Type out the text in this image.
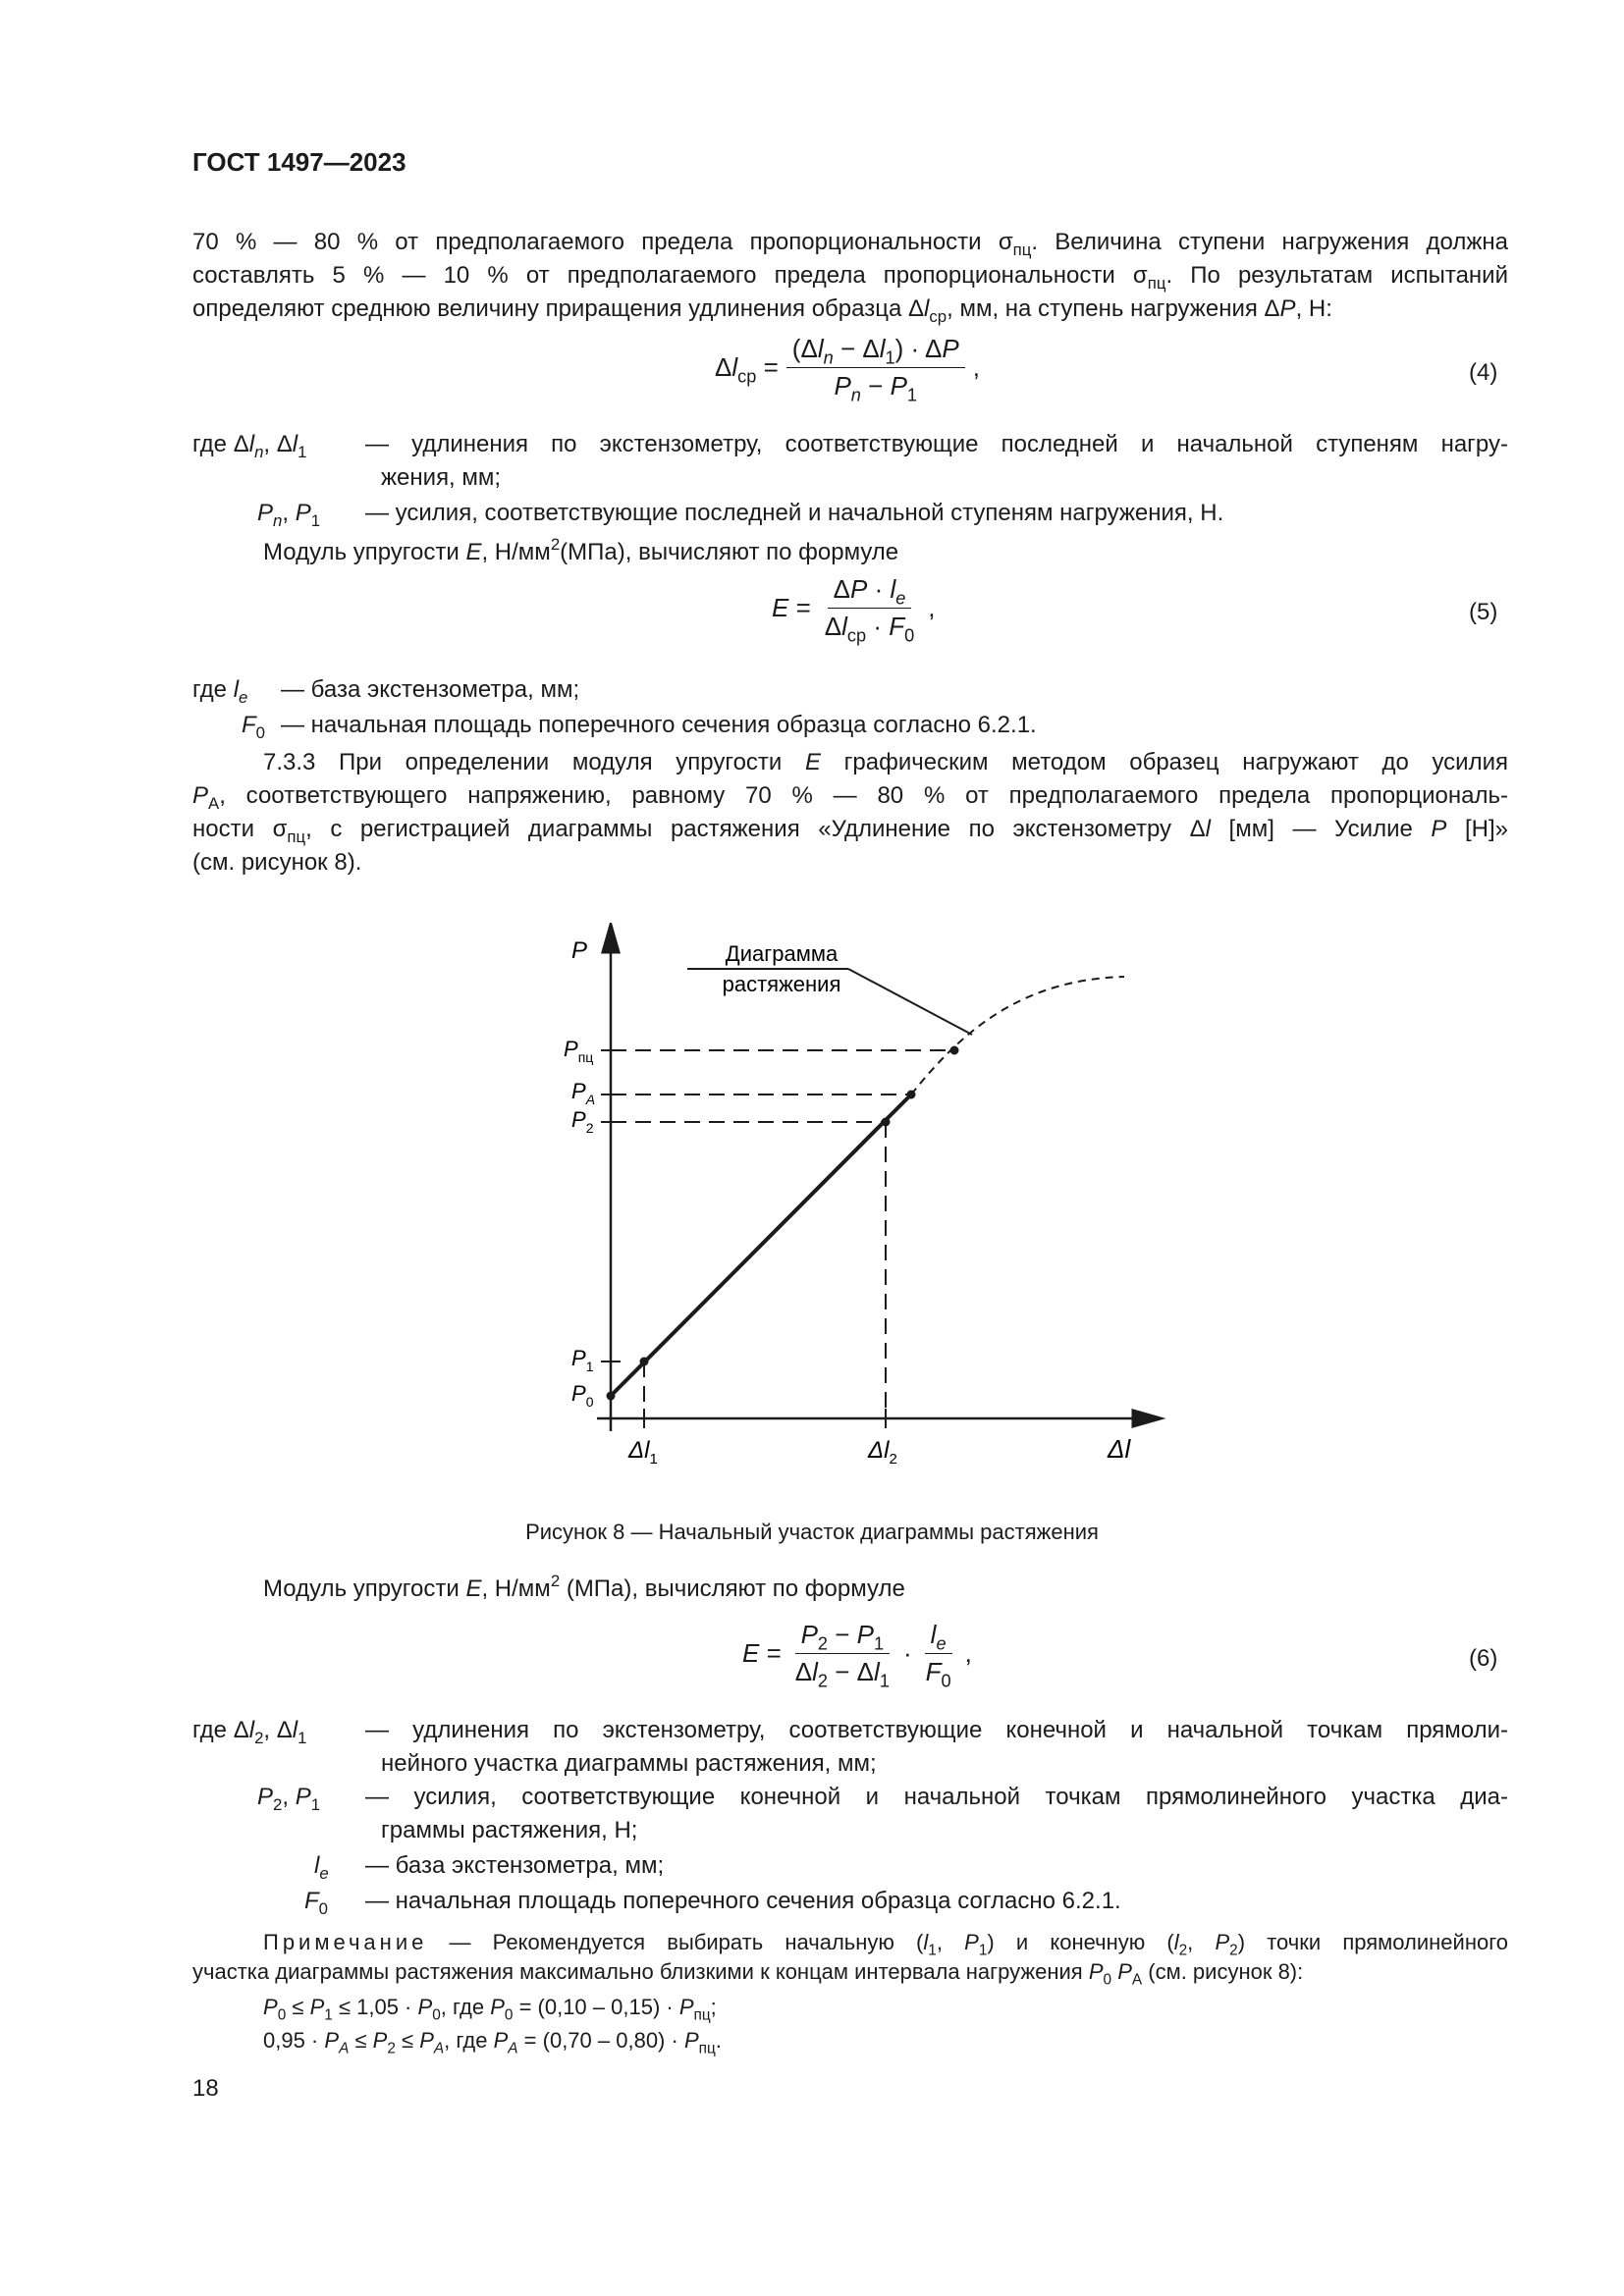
ГОСТ 1497—2023
70 % — 80 % от предполагаемого предела пропорциональности $\sigma_{пц}$. Величина ступени нагружения должна
составлять 5 % — 10 % от предполагаемого предела пропорциональности $\sigma_{пц}$. По результатам испытаний
определяют среднюю величину приращения удлинения образца $\Delta l_{ср}$, мм, на ступень нагружения ΔP, Н:
$\Delta l_{ср} = \frac{(\Delta l_n - \Delta l_1) \cdot \Delta P}{P_n - P_1}$ ,	(4)
где $\Delta l_n$, $\Delta l_1$ — удлинения по экстензометру, соответствующие последней и начальной ступеням нагру-
жения, мм;
$P_n$, $P_1$ — усилия, соответствующие последней и начальной ступеням нагружения, Н.
Модуль упругости E, $Н/мм^2(МПа)$, вычисляют по формуле
$E = \frac{\Delta P \cdot l_e}{\Delta l_{ср} \cdot F_0}$ ,	(5)
где $l_e$ — база экстензометра, мм;
$F_0$ — начальная площадь поперечного сечения образца согласно 6.2.1.
7.3.3 При определении модуля упругости E графическим методом образец нагружают до усилия
$P_А$, соответствующего напряжению, равному 70 % — 80 % от предполагаемого предела пропорциональ-
ности $\sigma_{пц}$, с регистрацией диаграммы растяжения «Удлинение по экстензометру Δl [мм] — Усилие P [Н]»
(см. рисунок 8).
Диаграмма
растяжения
P
Δl
$P_{пц}$
$P_A$
$P_2$
$P_1$
$P_0$
$\Delta l_1$	$\Delta l_2$
Рисунок 8 — Начальный участок диаграммы растяжения
Модуль упругости E, $Н/мм^2$ (МПа), вычисляют по формуле
$E = \frac{P_2 - P_1}{\Delta l_2 - \Delta l_1} \cdot \frac{l_e}{F_0}$ ,	(6)
где $\Delta l_2$, $\Delta l_1$ — удлинения по экстензометру, соответствующие конечной и начальной точкам прямоли-
нейного участка диаграммы растяжения, мм;
$P_2$, $P_1$ — усилия, соответствующие конечной и начальной точкам прямолинейного участка диа-
граммы растяжения, Н;
$l_e$ — база экстензометра, мм;
$F_0$ — начальная площадь поперечного сечения образца согласно 6.2.1.
Примечание — Рекомендуется выбирать начальную ($l_1$, $P_1$) и конечную ($l_2$, $P_2$) точки прямолинейного
участка диаграммы растяжения максимально близкими к концам интервала нагружения $P_0$ $P_A$ (см. рисунок 8):
$P_0 \le P_1 \le 1,05 \cdot P_0$, где $P_0 = (0,10 - 0,15) \cdot P_{пц}$;
$0,95 \cdot P_A \le P_2 \le P_A$, где $P_A = (0,70 - 0,80) \cdot P_{пц}$.
18
